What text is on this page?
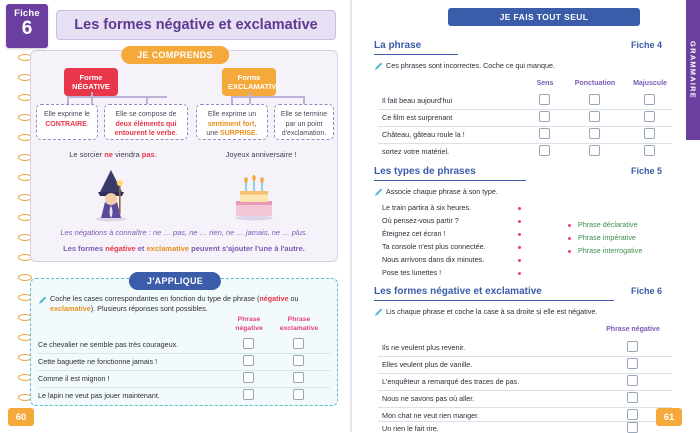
Fiche
6	Les formes négative et exclamative
JE COMPRENDS
Forme NÉGATIVE
Forme EXCLAMATIVE
Elle exprime le CONTRAIRE.
Elle se compose de deux éléments qui entourent le verbe.
Elle exprime un sentiment fort, une SURPRISE.
Elle se termine par un point d'exclamation.
Le sorcier ne viendra pas.	Joyeux anniversaire !
Les négations à connaître : ne … pas, ne … rien, ne … jamais, ne … plus.
Les formes négative et exclamative peuvent s'ajouter l'une à l'autre.
J'APPLIQUE
Coche les cases correspondantes en fonction du type de phrase (négative ou exclamative). Plusieurs réponses sont possibles.
Phrase négative
Phrase exclamative
Ce chevalier ne semble pas très courageux.
Cette baguette ne fonctionne jamais !
Comme il est mignon !
Le lapin ne veut pas jouer maintenant.
60
GRAMMAIRE
JE FAIS TOUT SEUL
La phrase	Fiche 4
Ces phrases sont incorrectes. Coche ce qui manque.
Sens	Ponctuation	Majuscule
Il fait beau aujourd'hui
Ce film est surprenant
Château, gâteau roule la !
sortez votre matériel.
Les types de phrases	Fiche 5
Associe chaque phrase à son type.
Le train partira à six heures.
Où pensez-vous partir ?
Éteignez cet écran !
Ta console n'est plus connectée.
Nous arrivons dans dix minutes.
Pose tes lunettes !
Phrase déclarative
Phrase impérative
Phrase interrogative
Les formes négative et exclamative	Fiche 6
Lis chaque phrase et coche la case à sa droite si elle est négative.
Phrase négative
Ils ne veulent plus revenir.
Elles veulent plus de vanille.
L'enquêteur a remarqué des traces de pas.
Nous ne savons pas où aller.
Mon chat ne veut rien manger.
Un rien le fait rire.
61
